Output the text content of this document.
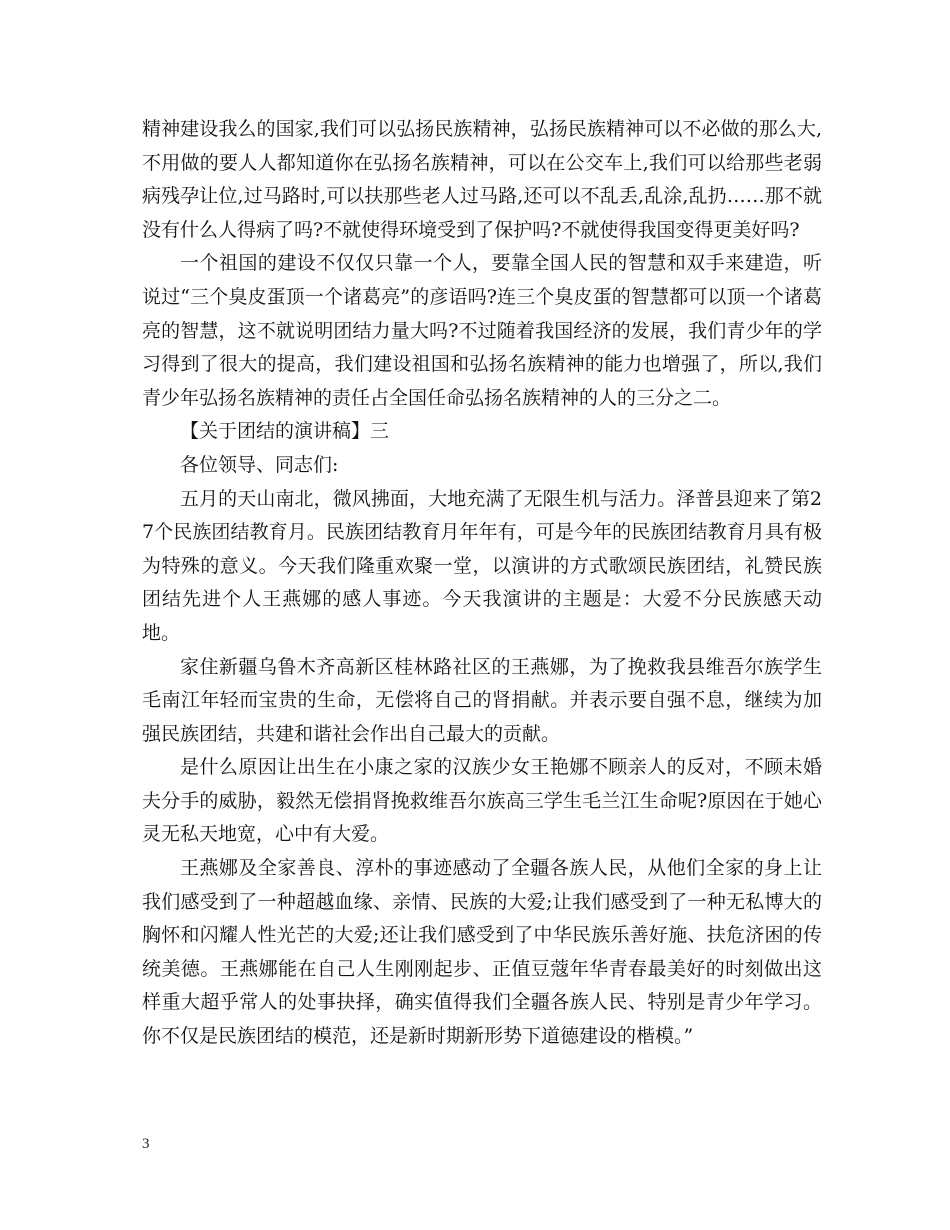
精神建设我么的国家,我们可以弘扬民族精神，弘扬民族精神可以不必做的那么大,不用做的要人人都知道你在弘扬名族精神，可以在公交车上,我们可以给那些老弱病残孕让位,过马路时,可以扶那些老人过马路,还可以不乱丢,乱涂,乱扔……那不就没有什么人得病了吗?不就使得环境受到了保护吗?不就使得我国变得更美好吗?

一个祖国的建设不仅仅只靠一个人，要靠全国人民的智慧和双手来建造，听说过“三个臭皮蛋顶一个诸葛亮”的彦语吗?连三个臭皮蛋的智慧都可以顶一个诸葛亮的智慧，这不就说明团结力量大吗?不过随着我国经济的发展，我们青少年的学习得到了很大的提高，我们建设祖国和弘扬名族精神的能力也增强了，所以,我们青少年弘扬名族精神的责任占全国任命弘扬名族精神的人的三分之二。

【关于团结的演讲稿】三

各位领导、同志们:

五月的天山南北，微风拂面，大地充满了无限生机与活力。泽普县迎来了第27个民族团结教育月。民族团结教育月年年有，可是今年的民族团结教育月具有极为特殊的意义。今天我们隆重欢聚一堂，以演讲的方式歌颂民族团结，礼赞民族团结先进个人王燕娜的感人事迹。今天我演讲的主题是：大爱不分民族感天动地。

家住新疆乌鲁木齐高新区桂林路社区的王燕娜，为了挽救我县维吾尔族学生毛南江年轻而宝贵的生命，无偿将自己的肾捐献。并表示要自强不息，继续为加强民族团结，共建和谐社会作出自己最大的贡献。

是什么原因让出生在小康之家的汉族少女王艳娜不顾亲人的反对，不顾未婚夫分手的威胁，毅然无偿捐肾挽救维吾尔族高三学生毛兰江生命呢?原因在于她心灵无私天地宽，心中有大爱。

王燕娜及全家善良、淳朴的事迹感动了全疆各族人民，从他们全家的身上让我们感受到了一种超越血缘、亲情、民族的大爱;让我们感受到了一种无私博大的胸怀和闪耀人性光芒的大爱;还让我们感受到了中华民族乐善好施、扶危济困的传统美德。王燕娜能在自己人生刚刚起步、正值豆蔻年华青春最美好的时刻做出这样重大超乎常人的处事抉择，确实值得我们全疆各族人民、特别是青少年学习。你不仅是民族团结的模范，还是新时期新形势下道德建设的楷模。”

3
